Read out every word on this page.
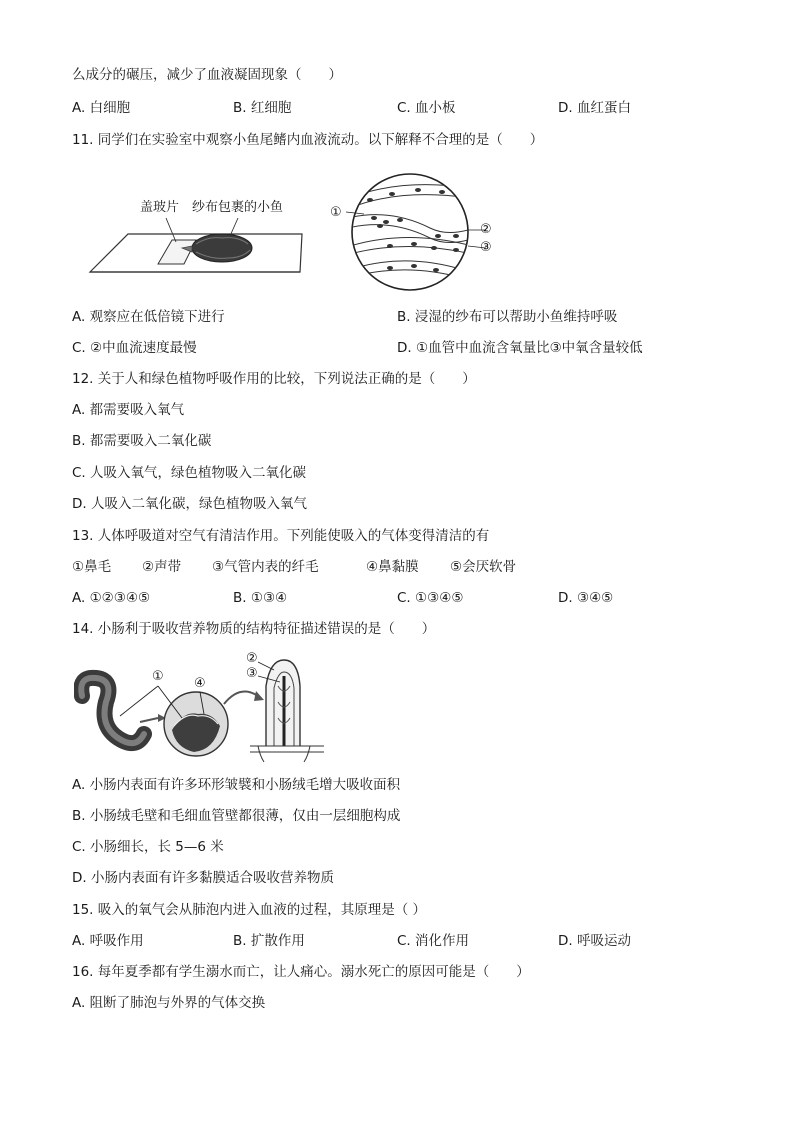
么成分的碾压，减少了血液凝固现象（　　）
A. 白细胞	B. 红细胞	C. 血小板	D. 血红蛋白
11. 同学们在实验室中观察小鱼尾鳍内血液流动。以下解释不合理的是（　　）
盖玻片 纱布包裹的小鱼	①
②
③
A. 观察应在低倍镜下进行	B. 浸湿的纱布可以帮助小鱼维持呼吸
C. ②中血流速度最慢	D. ①血管中血流含氧量比③中氧含量较低
12. 关于人和绿色植物呼吸作用的比较，下列说法正确的是（　　）
A. 都需要吸入氧气
B. 都需要吸入二氧化碳
C. 人吸入氧气，绿色植物吸入二氧化碳
D. 人吸入二氧化碳，绿色植物吸入氧气
13. 人体呼吸道对空气有清洁作用。下列能使吸入的气体变得清洁的有
①鼻毛 ②声带 ③气管内表的纤毛	④鼻黏膜 ⑤会厌软骨
A. ①②③④⑤	B. ①③④	C. ①③④⑤	D. ③④⑤
14. 小肠利于吸收营养物质的结构特征描述错误的是（　　）
① ④
②
③
A. 小肠内表面有许多环形皱襞和小肠绒毛增大吸收面积
B. 小肠绒毛壁和毛细血管壁都很薄，仅由一层细胞构成
C. 小肠细长，长 5—6 米
D. 小肠内表面有许多黏膜适合吸收营养物质
15. 吸入的氧气会从肺泡内进入血液的过程，其原理是（ ）
A. 呼吸作用	B. 扩散作用	C. 消化作用	D. 呼吸运动
16. 每年夏季都有学生溺水而亡，让人痛心。溺水死亡的原因可能是（　　）
A. 阻断了肺泡与外界的气体交换
